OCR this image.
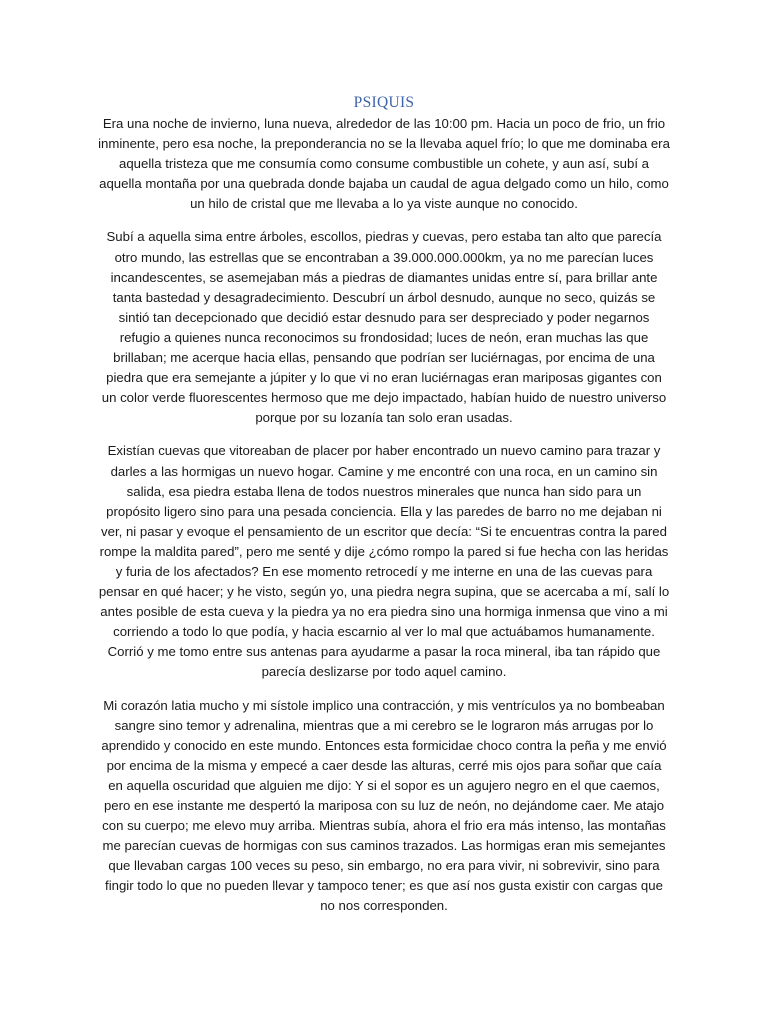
PSIQUIS

Era una noche de invierno, luna nueva, alrededor de las 10:00 pm. Hacia un poco de frio, un frio inminente, pero esa noche, la preponderancia no se la llevaba aquel frío; lo que me dominaba era aquella tristeza que me consumía como consume combustible un cohete, y aun así, subí a aquella montaña por una quebrada donde bajaba un caudal de agua delgado como un hilo, como un hilo de cristal que me llevaba a lo ya viste aunque no conocido.

Subí a aquella sima entre árboles, escollos, piedras y cuevas, pero estaba tan alto que parecía otro mundo, las estrellas que se encontraban a 39.000.000.000km, ya no me parecían luces incandescentes, se asemejaban más a piedras de diamantes unidas entre sí, para brillar ante tanta bastedad y desagradecimiento. Descubrí un árbol desnudo, aunque no seco, quizás se sintió tan decepcionado que decidió estar desnudo para ser despreciado y poder negarnos refugio a quienes nunca reconocimos su frondosidad; luces de neón, eran muchas las que brillaban; me acerque hacia ellas, pensando que podrían ser luciérnagas, por encima de una piedra que era semejante a júpiter y lo que vi no eran luciérnagas eran mariposas gigantes con un color verde fluorescentes hermoso que me dejo impactado, habían huido de nuestro universo porque por su lozanía tan solo eran usadas.

Existían cuevas que vitoreaban de placer por haber encontrado un nuevo camino para trazar y darles a las hormigas un nuevo hogar. Camine y me encontré con una roca, en un camino sin salida, esa piedra estaba llena de todos nuestros minerales que nunca han sido para un propósito ligero sino para una pesada conciencia. Ella y las paredes de barro no me dejaban ni ver, ni pasar y evoque el pensamiento de un escritor que decía: “Si te encuentras contra la pared rompe la maldita pared”, pero me senté y dije ¿cómo rompo la pared si fue hecha con las heridas y furia de los afectados? En ese momento retrocedí y me interne en una de las cuevas para pensar en qué hacer; y he visto, según yo, una piedra negra supina, que se acercaba a mí, salí lo antes posible de esta cueva y la piedra ya no era piedra sino una hormiga inmensa que vino a mi corriendo a todo lo que podía, y hacia escarnio al ver lo mal que actuábamos humanamente. Corrió y me tomo entre sus antenas para ayudarme a pasar la roca mineral, iba tan rápido que parecía deslizarse por todo aquel camino.

Mi corazón latia mucho y mi sístole implico una contracción, y mis ventrículos ya no bombeaban sangre sino temor y adrenalina, mientras que a mi cerebro se le lograron más arrugas por lo aprendido y conocido en este mundo. Entonces esta formicidae choco contra la peña y me envió por encima de la misma y empecé a caer desde las alturas, cerré mis ojos para soñar que caía en aquella oscuridad que alguien me dijo: Y si el sopor es un agujero negro en el que caemos, pero en ese instante me despertó la mariposa con su luz de neón, no dejándome caer. Me atajo con su cuerpo; me elevo muy arriba. Mientras subía, ahora el frio era más intenso, las montañas me parecían cuevas de hormigas con sus caminos trazados. Las hormigas eran mis semejantes que llevaban cargas 100 veces su peso, sin embargo, no era para vivir, ni sobrevivir, sino para fingir todo lo que no pueden llevar y tampoco tener; es que así nos gusta existir con cargas que no nos corresponden.
